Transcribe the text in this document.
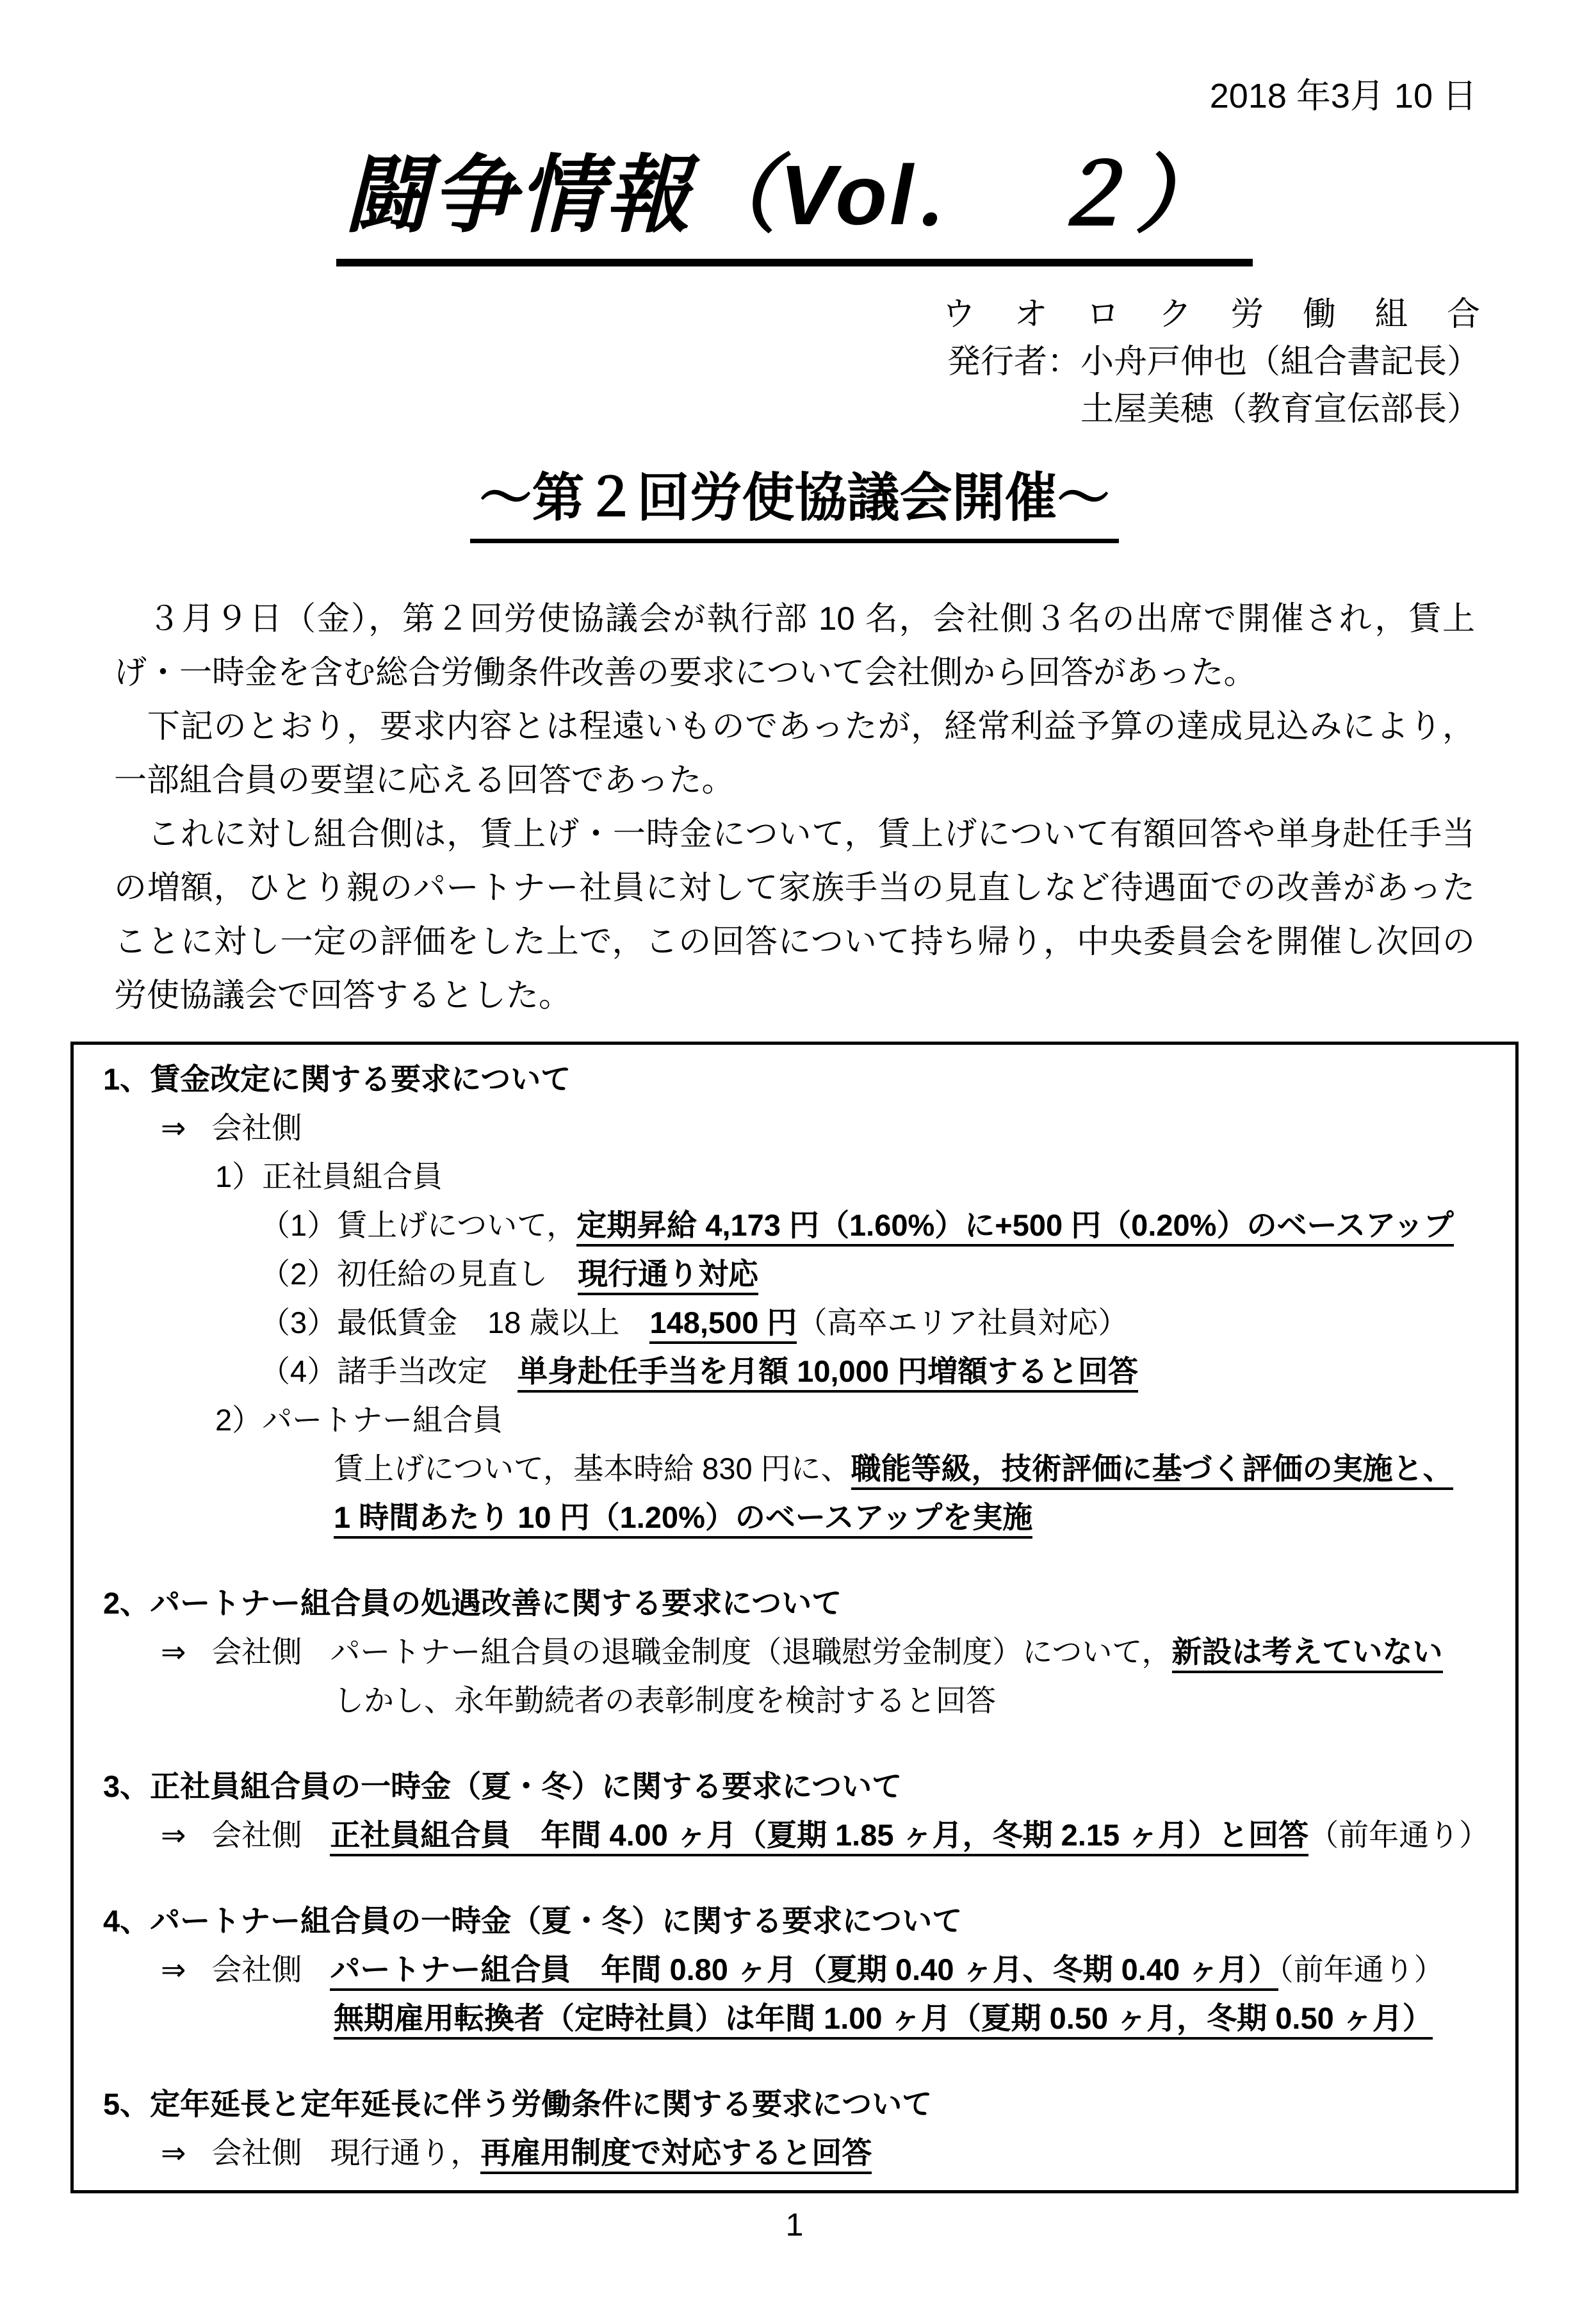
2018 年3月 10 日
闘争情報（Vol．　２）
ウオロク労働組合
発行者：小舟戸伸也（組合書記長）
土屋美穂（教育宣伝部長）
～第２回労使協議会開催～

　３月９日（金），第２回労使協議会が執行部 10 名，会社側３名の出席で開催され，賃上げ・一時金を含む総合労働条件改善の要求について会社側から回答があった。

　下記のとおり，要求内容とは程遠いものであったが，経常利益予算の達成見込みにより，一部組合員の要望に応える回答であった。

　これに対し組合側は，賃上げ・一時金について，賃上げについて有額回答や単身赴任手当の増額，ひとり親のパートナー社員に対して家族手当の見直しなど待遇面での改善があったことに対し一定の評価をした上で，この回答について持ち帰り，中央委員会を開催し次回の労使協議会で回答するとした。

1、賃金改定に関する要求について
⇒ 会社側
1）正社員組合員
（1）賃上げについて，定期昇給 4,173 円（1.60%）に+500 円（0.20%）のベースアップ
（2）初任給の見直し　現行通り対応
（3）最低賃金　18 歳以上　148,500 円（高卒エリア社員対応）
（4）諸手当改定　単身赴任手当を月額 10,000 円増額すると回答
2）パートナー組合員
賃上げについて，基本時給 830 円に、職能等級，技術評価に基づく評価の実施と、
1 時間あたり 10 円（1.20%）のベースアップを実施
2、パートナー組合員の処遇改善に関する要求について
⇒ 会社側 パートナー組合員の退職金制度（退職慰労金制度）について，新設は考えていない
しかし、永年勤続者の表彰制度を検討すると回答
3、正社員組合員の一時金（夏・冬）に関する要求について
⇒ 会社側 正社員組合員　年間 4.00 ヶ月（夏期 1.85 ヶ月，冬期 2.15 ヶ月）と回答（前年通り）
4、パートナー組合員の一時金（夏・冬）に関する要求について
⇒ 会社側 パートナー組合員　年間 0.80 ヶ月（夏期 0.40 ヶ月、冬期 0.40 ヶ月）（前年通り）
無期雇用転換者（定時社員）は年間 1.00 ヶ月（夏期 0.50 ヶ月，冬期 0.50 ヶ月）
5、定年延長と定年延長に伴う労働条件に関する要求について
⇒ 会社側 現行通り，再雇用制度で対応すると回答
1
